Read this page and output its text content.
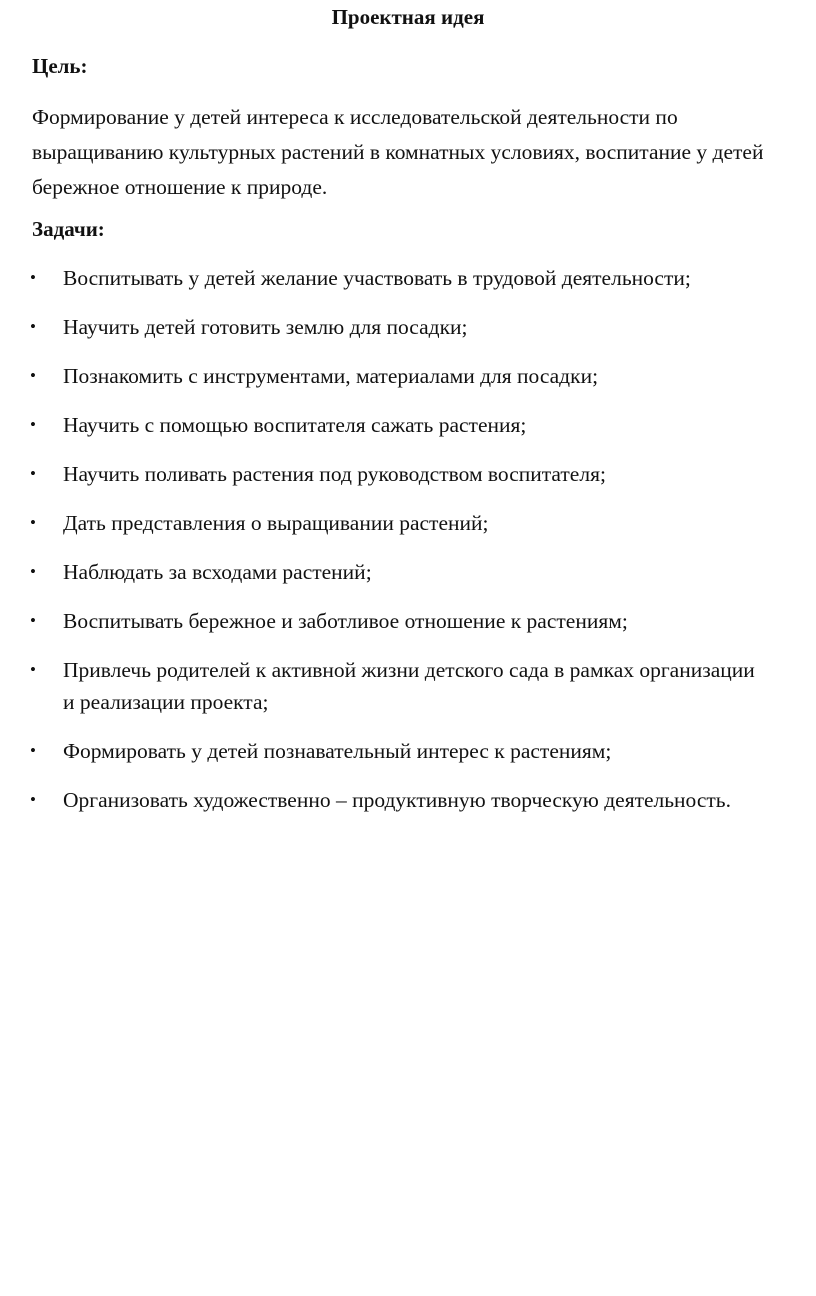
Проектная идея
Цель:
Формирование у детей интереса к исследовательской деятельности по выращиванию культурных растений в комнатных условиях, воспитание у детей бережное отношение к природе.
Задачи:
• Воспитывать у детей желание участвовать в трудовой деятельности;
• Научить детей готовить землю для посадки;
• Познакомить с инструментами, материалами для посадки;
• Научить с помощью воспитателя сажать растения;
• Научить поливать растения под руководством воспитателя;
• Дать представления о выращивании растений;
• Наблюдать за всходами растений;
• Воспитывать бережное и заботливое отношение к растениям;
• Привлечь родителей к активной жизни детского сада в рамках организации и реализации проекта;
• Формировать у детей познавательный интерес к растениям;
• Организовать художественно – продуктивную творческую деятельность.
